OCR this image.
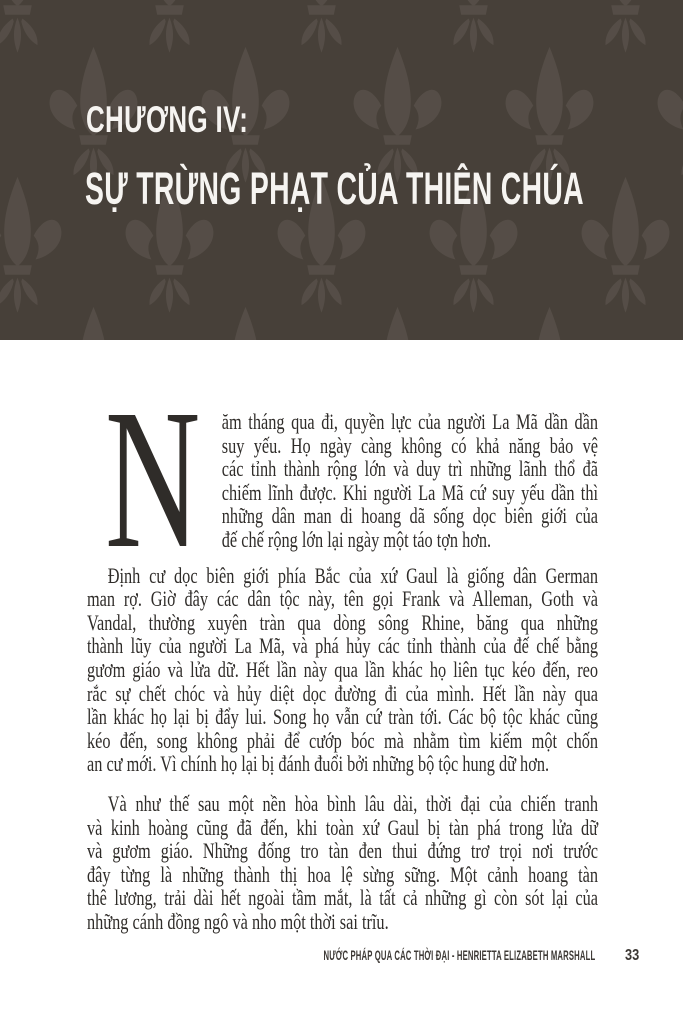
CHƯƠNG IV:
SỰ TRỪNG PHẠT CỦA THIÊN CHÚA
N ăm tháng qua đi, quyền lực của người La Mã dần dần
suy yếu. Họ ngày càng không có khả năng bảo vệ
các tỉnh thành rộng lớn và duy trì những lãnh thổ đã
chiếm lĩnh được. Khi người La Mã cứ suy yếu dần thì
những dân man di hoang dã sống dọc biên giới của
đế chế rộng lớn lại ngày một táo tợn hơn.
Định cư dọc biên giới phía Bắc của xứ Gaul là giống dân German
man rợ. Giờ đây các dân tộc này, tên gọi Frank và Alleman, Goth và
Vandal, thường xuyên tràn qua dòng sông Rhine, băng qua những
thành lũy của người La Mã, và phá hủy các tỉnh thành của đế chế bằng
gươm giáo và lửa dữ. Hết lần này qua lần khác họ liên tục kéo đến, reo
rắc sự chết chóc và hủy diệt dọc đường đi của mình. Hết lần này qua
lần khác họ lại bị đẩy lui. Song họ vẫn cứ tràn tới. Các bộ tộc khác cũng
kéo đến, song không phải để cướp bóc mà nhằm tìm kiếm một chốn
an cư mới. Vì chính họ lại bị đánh đuổi bởi những bộ tộc hung dữ hơn.
Và như thế sau một nền hòa bình lâu dài, thời đại của chiến tranh
và kinh hoàng cũng đã đến, khi toàn xứ Gaul bị tàn phá trong lửa dữ
và gươm giáo. Những đống tro tàn đen thui đứng trơ trọi nơi trước
đây từng là những thành thị hoa lệ sừng sững. Một cảnh hoang tàn
thê lương, trải dài hết ngoài tầm mắt, là tất cả những gì còn sót lại của
những cánh đồng ngô và nho một thời sai trĩu.
NƯỚC PHÁP QUA CÁC THỜI ĐẠI - HENRIETTA ELIZABETH MARSHALL 33
